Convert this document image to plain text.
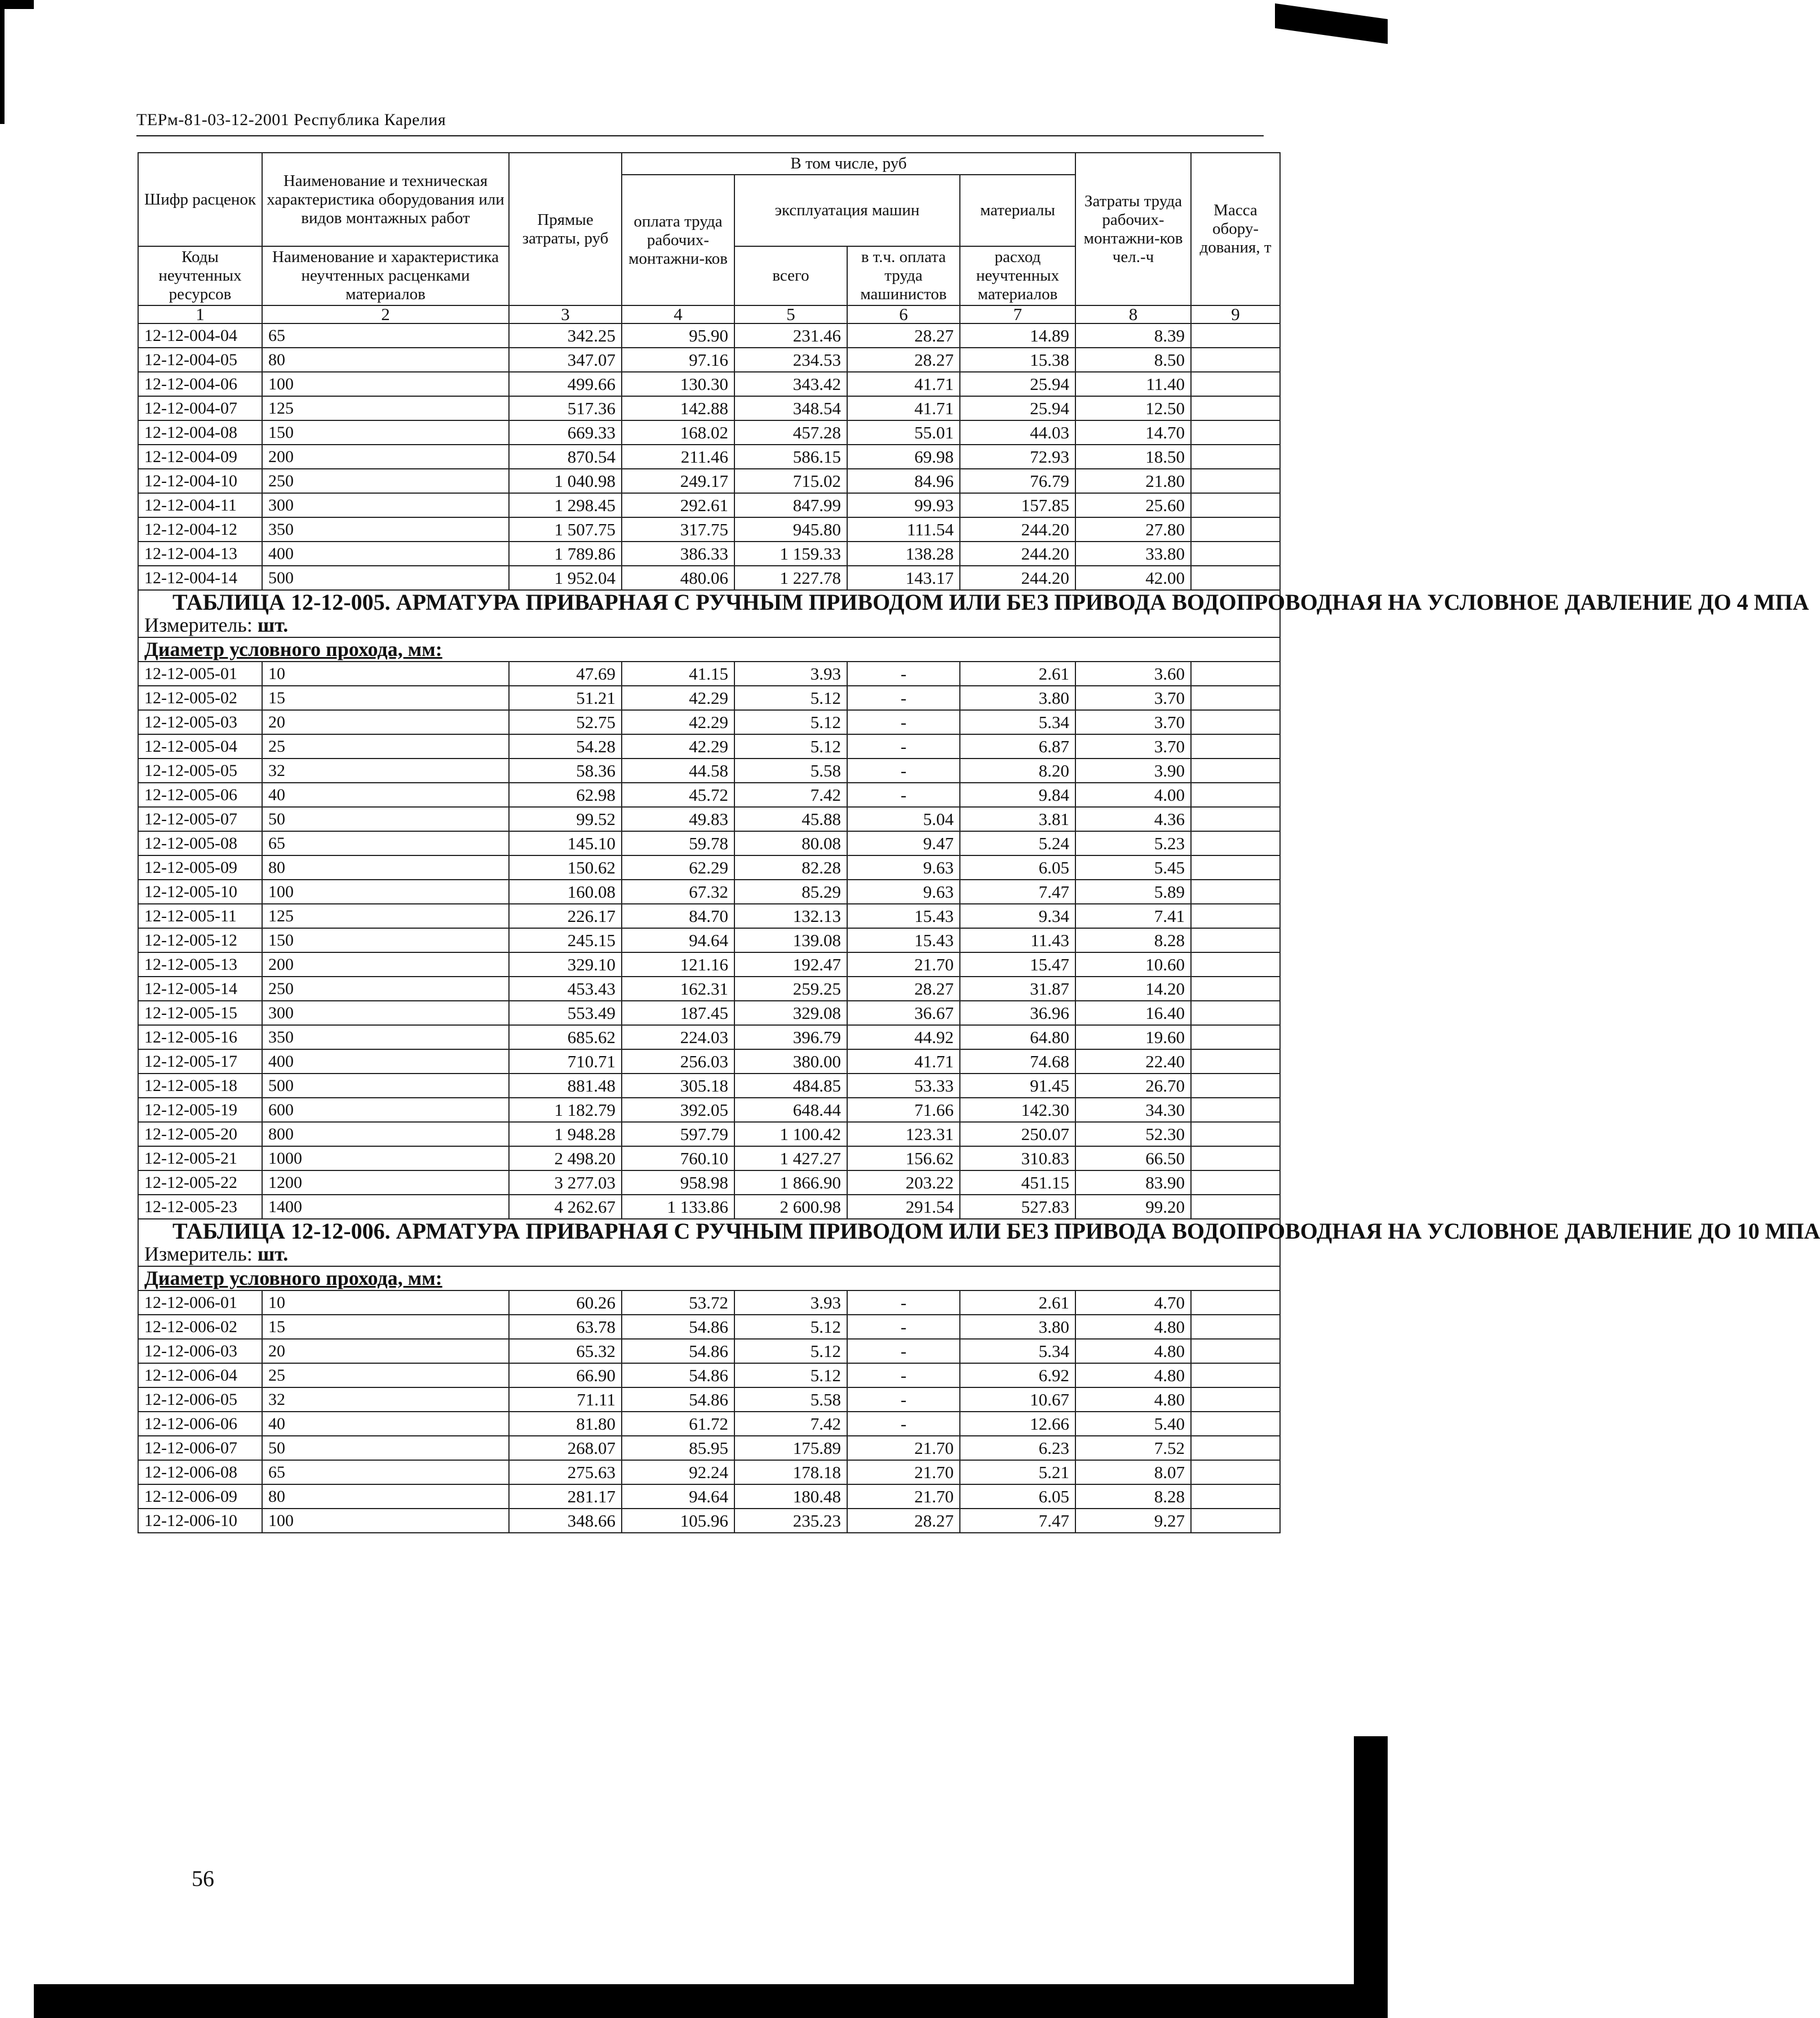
ТЕРм-81-03-12-2001 Республика Карелия
Шифр расценок	Наименование и техническая характеристика оборудования или видов монтажных работ	Прямые затраты, руб	В том числе, руб				Затраты труда рабочих-монтажни-ков чел.-ч	Масса обору-дования, т
			оплата труда рабочих-монтажни-ков	эксплуатация машин		материалы		
Коды неучтенных ресурсов	Наименование и характеристика неучтенных расценками материалов			всего	в т.ч. оплата труда машинистов	расход неучтенных материалов		

1	2	3	4	5	6	7	8	9
12-12-004-04	65	342.25	95.90	231.46	28.27	14.89	8.39	
12-12-004-05	80	347.07	97.16	234.53	28.27	15.38	8.50	
12-12-004-06	100	499.66	130.30	343.42	41.71	25.94	11.40	
12-12-004-07	125	517.36	142.88	348.54	41.71	25.94	12.50	
12-12-004-08	150	669.33	168.02	457.28	55.01	44.03	14.70	
12-12-004-09	200	870.54	211.46	586.15	69.98	72.93	18.50	
12-12-004-10	250	1 040.98	249.17	715.02	84.96	76.79	21.80	
12-12-004-11	300	1 298.45	292.61	847.99	99.93	157.85	25.60	
12-12-004-12	350	1 507.75	317.75	945.80	111.54	244.20	27.80	
12-12-004-13	400	1 789.86	386.33	1 159.33	138.28	244.20	33.80	
12-12-004-14	500	1 952.04	480.06	1 227.78	143.17	244.20	42.00	
ТАБЛИЦА 12-12-005. АРМАТУРА ПРИВАРНАЯ С РУЧНЫМ ПРИВОДОМ ИЛИ БЕЗ ПРИВОДА ВОДОПРОВОДНАЯ НА УСЛОВНОЕ ДАВЛЕНИЕ ДО 4 МПА								
Измеритель: шт.								
Диаметр условного прохода, мм:								
12-12-005-01	10	47.69	41.15	3.93	-	2.61	3.60	
12-12-005-02	15	51.21	42.29	5.12	-	3.80	3.70	
12-12-005-03	20	52.75	42.29	5.12	-	5.34	3.70	
12-12-005-04	25	54.28	42.29	5.12	-	6.87	3.70	
12-12-005-05	32	58.36	44.58	5.58	-	8.20	3.90	
12-12-005-06	40	62.98	45.72	7.42	-	9.84	4.00	
12-12-005-07	50	99.52	49.83	45.88	5.04	3.81	4.36	
12-12-005-08	65	145.10	59.78	80.08	9.47	5.24	5.23	
12-12-005-09	80	150.62	62.29	82.28	9.63	6.05	5.45	
12-12-005-10	100	160.08	67.32	85.29	9.63	7.47	5.89	
12-12-005-11	125	226.17	84.70	132.13	15.43	9.34	7.41	
12-12-005-12	150	245.15	94.64	139.08	15.43	11.43	8.28	
12-12-005-13	200	329.10	121.16	192.47	21.70	15.47	10.60	
12-12-005-14	250	453.43	162.31	259.25	28.27	31.87	14.20	
12-12-005-15	300	553.49	187.45	329.08	36.67	36.96	16.40	
12-12-005-16	350	685.62	224.03	396.79	44.92	64.80	19.60	
12-12-005-17	400	710.71	256.03	380.00	41.71	74.68	22.40	
12-12-005-18	500	881.48	305.18	484.85	53.33	91.45	26.70	
12-12-005-19	600	1 182.79	392.05	648.44	71.66	142.30	34.30	
12-12-005-20	800	1 948.28	597.79	1 100.42	123.31	250.07	52.30	
12-12-005-21	1000	2 498.20	760.10	1 427.27	156.62	310.83	66.50	
12-12-005-22	1200	3 277.03	958.98	1 866.90	203.22	451.15	83.90	
12-12-005-23	1400	4 262.67	1 133.86	2 600.98	291.54	527.83	99.20	
ТАБЛИЦА 12-12-006. АРМАТУРА ПРИВАРНАЯ С РУЧНЫМ ПРИВОДОМ ИЛИ БЕЗ ПРИВОДА ВОДОПРОВОДНАЯ НА УСЛОВНОЕ ДАВЛЕНИЕ ДО 10 МПА								
Измеритель: шт.								
Диаметр условного прохода, мм:								
12-12-006-01	10	60.26	53.72	3.93	-	2.61	4.70	
12-12-006-02	15	63.78	54.86	5.12	-	3.80	4.80	
12-12-006-03	20	65.32	54.86	5.12	-	5.34	4.80	
12-12-006-04	25	66.90	54.86	5.12	-	6.92	4.80	
12-12-006-05	32	71.11	54.86	5.58	-	10.67	4.80	
12-12-006-06	40	81.80	61.72	7.42	-	12.66	5.40	
12-12-006-07	50	268.07	85.95	175.89	21.70	6.23	7.52	
12-12-006-08	65	275.63	92.24	178.18	21.70	5.21	8.07	
12-12-006-09	80	281.17	94.64	180.48	21.70	6.05	8.28	
12-12-006-10	100	348.66	105.96	235.23	28.27	7.47	9.27	
56
